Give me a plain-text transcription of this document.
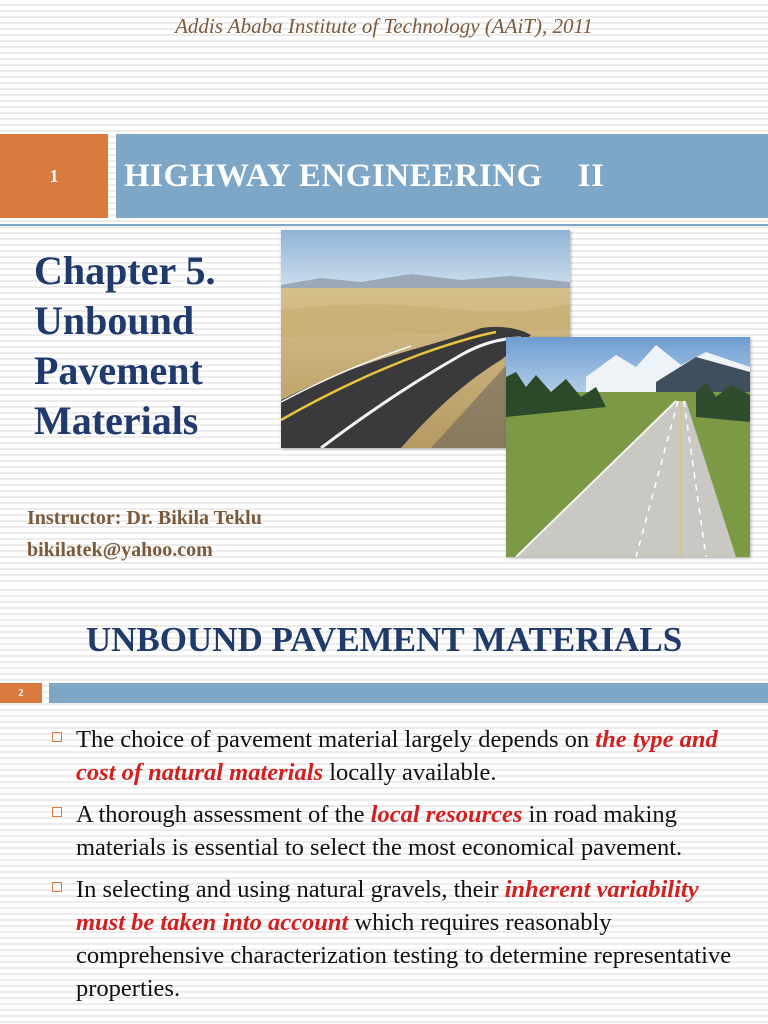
Addis Ababa Institute of Technology (AAiT), 2011
1	HIGHWAY ENGINEERING    II
Chapter 5.
Unbound
Pavement
Materials
Instructor: Dr. Bikila Teklu
bikilatek@yahoo.com
UNBOUND PAVEMENT MATERIALS
2
The choice of pavement material largely depends on the type and cost of natural materials locally available.
A thorough assessment of the local resources in road making materials is essential to select the most economical pavement.
In selecting and using natural gravels, their inherent variability must be taken into account which requires reasonably comprehensive characterization testing to determine representative properties.
